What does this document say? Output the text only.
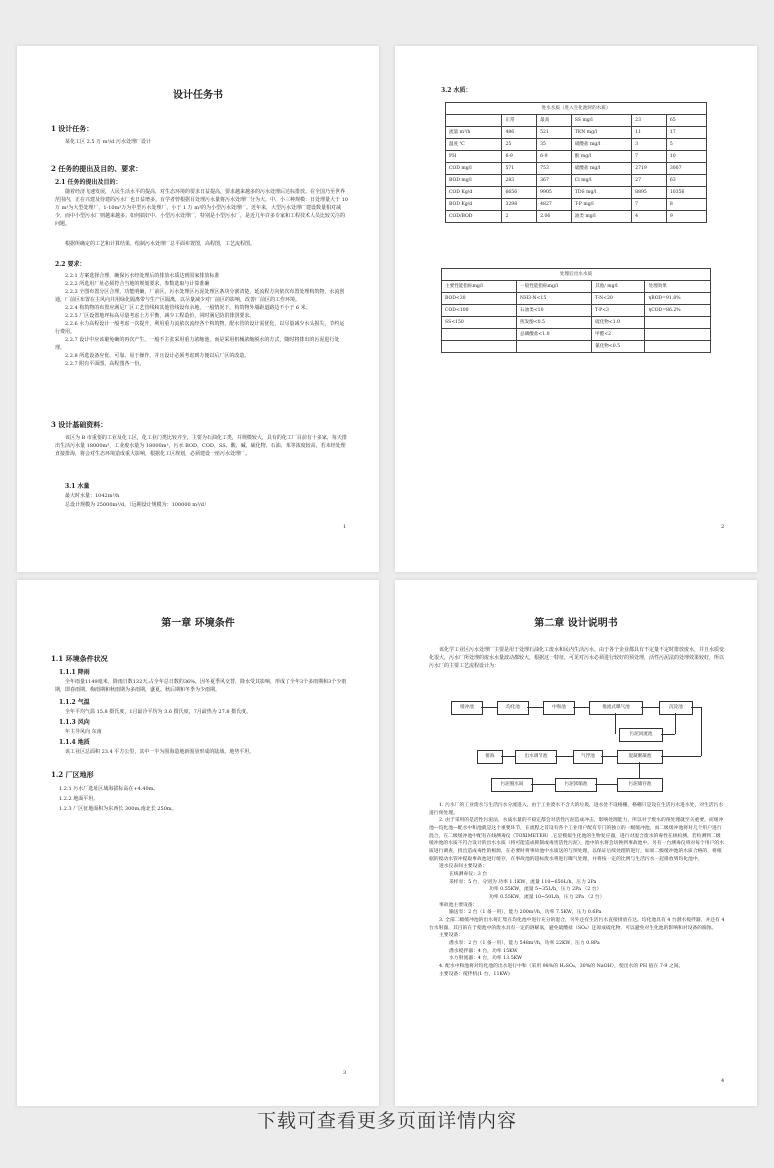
设计任务书
1 设计任务：
某化工区 2.5 万 m³/d 污水处理厂设计
2 任务的提出及目的、要求：
2.1 任务的提出及目的：
随着经济飞速发展，人民生活水平的提高，对生态环境的要求日益提高，要求越来越多的污水处理后达标排放。在全国乃至世界范围内，正在兴建及待建的污水厂也日益增多。有学者曾根据目处理污水量将污水处理厂分为大、中、小三种规模：日处理量大于 10 万 m³为大型处理厂，1-10m³万为中型污水处理厂，小于 1 万 m³的为小型污水处理厂。近年来，大型污水处理厂建设数量相对减少，而中小型污水厂则越来越多。如何搞好中、小型污水处理厂，特别是小型污水厂，是近几年许多专家和工程技术人员比较关注的问题。
根据所确定的工艺和计算结果，绘制污水处理厂总平面布置图，高程图，工艺流程图。
2.2 要求：
2.2.1 方案选择合理，确保污水经处理后的排放水质达到国家排放标准
2.2.2 所选用厂址必须符合当地的规划要求，参数选取与计算准确
2.2.3 全图布置分区合理，功能明确，厂前区、污水处理区污泥处理区条块分割清楚，延流程方向依次布置处理构筑物，水流创通，厂前区布置在主风向并用绿化隔离带与生产区隔离，以尽量减少对厂前区的影响，改善厂前区的工作环境。
2.2.4 构筑物的布置应满足厂区工艺管线和其他管线设布余地，一般情况下，构筑物外墙距道路边不小于 6 米。
2.2.5 厂区设置地坪标高尽量考虑土方平衡，减少工程造价，同时满足防洪排涝要求。
2.2.6 水力高程设计一般考虑一次提升，利用重力流依次流经各个构筑物，配水管的设计需优化，以尽量减少水头损失，节约运行费用。
2.2.7 设计中应该避免确的再次产生。一般不主张采用重力浓缩池，而是采用机械浓缩脱水的方式，随时将排出的污泥进行处理。
2.2.8 所选设备应优、可靠、易于操作，并且设计必须考虑到方便以后厂区的改造。
2.2.7 附有平面图、高程图各一份。
3 设计基础资料：
该区为 B 市重要的工业及化工区，化工业门类比较齐全，主要为石油化工类，并规模较大，具有的化工厂目前有十多家，每天排出生活污水量 18000m³，工业废水量为 18000m³，污水 BOD、COD、SS、酸、碱、硫化物、石油、苯等浓度较高，若未经处理直接排海，将会对生态环境造成重大影响，根据化工区规划，必须建设一座污水处理厂。
3.1 水量
最大时水量：1042m³/h
总设计规模为 25000m³/d。（远期设计规模为：100000 m³/d）
1
3.2 水质：
进水水质（进入生化池时的水质）					
	正常	最高	SS mg/l	23	65
流量 m³/h	486	521	TKN mg/l	11	17
温度 ℃	25	35	硝酸盐 mg/l	3	5
PH	6-9	6-9	酚 mg/l	7	10
COD mg/l	571	753	硫酸盐 mg/l	2719	3007
BOD mg/l	283	367	Cl mg/l	27	63
COD Kg/d	6656	9905	TDS mg/l	8895	10356
BOD Kg/d	3298	4827	T-P mg/l	7	8
COD/BOD	2	2.06	油类 mg/l	4	9
处理后出水水质			
主要性能指标mg/l	一般性能指标mg/l	其他/ mg/l	处理效果
BOD<30	NH3-N<15	T-N<20	ηBOD=91.8%
COD<100	石油类<10	T-P<3	ηCOD=86.2%
SS<150	挥发酚<0.5	硫化物<1.0	
	总磷酸盐<1.0	甲醛<2	
		氰化物<0.5	
2
第一章 环境条件
1.1 环境条件状况
1.1.1 降雨
全年雨量1149毫米，降雨日数132天,占全年总日数的36%，因冬夏季风交替，降水受其影响，形成了全年3个多雨期和3个少雨期，即春雨期、梅雨期和秋雨期为多雨期，盛夏、秋后期和冬季为少雨期。
1.1.2 气温
全年平均气温 15.8 摄氏度，1月最冷平均为 3.6 摄氏度，7月最热为 27.8 摄氏度。
1.1.3 风向
年主导风向 东南
1.1.4 地质
该工业区总面积 23.4 平方公里，其中一半为围海造地新围垦形成的陆域，地势平坦。
1.2 厂区地形
1.2.1 污水厂选址区域海拔标高在+4.40m。
1.2.2 地面平坦。
1.2.3 厂区征地面积为东西长 300m,南北长 250m。
3
第二章 设计说明书
该化学工业区污水处理厂主要是用于处理石油化工废水和民内生活污水。由于各个企业都具有不定量不定时排放废水，并且水质变化很大，污水厂所处理的废水水量波动都较大，根据这一特征，可见对污水必须进行较好的预处理，活性污泥法的处理效果较好，所以污水厂的主要工艺流程设计为：
缓冲池	均化池	中和池	推流式曝气池	沉淀池
污泥回流池
排海	出水调节池	气浮池	混凝絮凝池
污泥脱水间	污泥浓缩池	污泥储存池
1. 污水厂的工业废水与生活污水分流进入，由于工业废水不含大的垃圾，进水处不设格栅，格栅只是设在生活污水进水处，对生活污水进行预处理。
2. 由于采用的是活性污泥法，水质水量的不稳定都会对活性污泥造成冲击，影响处理能力，所以对于废水的预处理就至关重要，而缓冲池—均化池—配水中和池就是这个重要环节，在流程之首设有各个工业用户配有专门的独立的一级缓冲池，而二级缓冲池将对几个用户进行混合，在二级缓冲池中配有在线测毒仪（TOXIMETER）,它是模拟生化池的生物复应器，进行对混合废水的毒性在线检测，若检测到二级缓冲池的水质不符合设计的出水水质（将可能造成抑制或毒害活性污泥），池中的水将会切换到事故池中。另有一台测毒仪将对每个用户的水质进行调查，找出造成毒性的根源，在必要时将事故池中水质送的与预处理，以保证后续处理的进行，如果二级缓冲池的水质合格的，将根据的搅动水管冲提取事故池进行缓存，在事故池的超标废水将进行曝气处理，并将按一定的比例与生活污水一起排放到均化池中。
进水仪表间主要设备：
在线测毒仪：3 台
采样泵：5 台，分别为 功率 1.1KW，流量 110~650L/h，压力 2Pa
功率 0.55KW，流量 5~35L/h，压力 2Pa （2 台）
功率 0.55KW，流量 10~50L/h，压力 2Pa （2 台）
事故池主要设备：
输送泵：2 台（1 备一用），能力 200m³/h，功率 7.5KW，压力 0.6Pa
3. 全部二级缓冲池的出水将汇集在均化池中进行充分的混合，另外还有生活污水直接排放在这。均化池具有 4 台潜水搅拌器，并还有 4 台水射器，其目的在于使池中的废水具有一定的溶解氧，避免硫酸盐（SO₄）还原成硫化物，可以避免对生化池的影响和对设备的腐蚀。
主要设备：
潜水泵：2 台（1 备一用），能力 548m³/h，功率 22KW，压力 0.8Pa
潜水搅拌器：4 台，功率 15KW
水力射流器：4 台，功率 13.5KW
4. 配水中和池将对均化池的出水进行中和（采用 98%的 H₂SO₄，30%的 NaOH），使出水的 PH 值在 7-9 之间。
主要设备：搅拌机(1 台，11KW)
4
下载可查看更多页面详情内容
